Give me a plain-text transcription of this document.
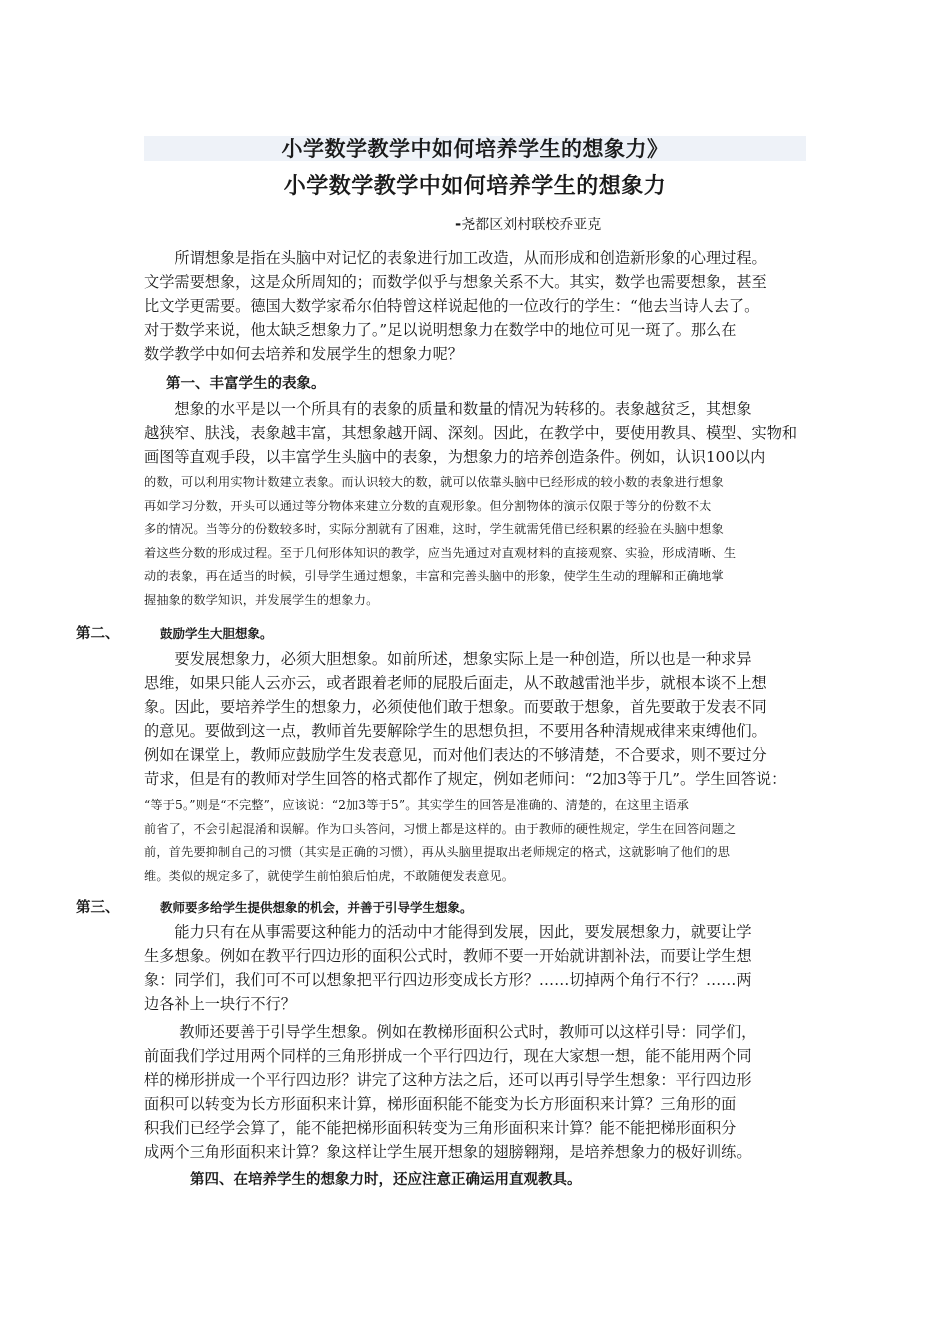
小学数学教学中如何培养学生的想象力》
小学数学教学中如何培养学生的想象力
-尧都区刘村联校乔亚克
　　所谓想象是指在头脑中对记忆的表象进行加工改造，从而形成和创造新形象的心理过程。
文学需要想象，这是众所周知的；而数学似乎与想象关系不大。其实，数学也需要想象，甚至
比文学更需要。德国大数学家希尔伯特曾这样说起他的一位改行的学生：“他去当诗人去了。
对于数学来说，他太缺乏想象力了。”足以说明想象力在数学中的地位可见一斑了。那么在
数学教学中如何去培养和发展学生的想象力呢？
第一、丰富学生的表象。
　　想象的水平是以一个所具有的表象的质量和数量的情况为转移的。表象越贫乏，其想象
越狭窄、肤浅，表象越丰富，其想象越开阔、深刻。因此，在教学中，要使用教具、模型、实物和
画图等直观手段，以丰富学生头脑中的表象，为想象力的培养创造条件。例如，认识100以内
的数，可以利用实物计数建立表象。而认识较大的数，就可以依靠头脑中已经形成的较小数的表象进行想象
再如学习分数，开头可以通过等分物体来建立分数的直观形象。但分割物体的演示仅限于等分的份数不太
多的情况。当等分的份数较多时，实际分割就有了困难，这时，学生就需凭借已经积累的经验在头脑中想象
着这些分数的形成过程。至于几何形体知识的教学，应当先通过对直观材料的直接观察、实验，形成清晰、生
动的表象，再在适当的时候，引导学生通过想象，丰富和完善头脑中的形象，使学生生动的理解和正确地掌
握抽象的数学知识，并发展学生的想象力。
第二、	鼓励学生大胆想象。
　　要发展想象力，必须大胆想象。如前所述，想象实际上是一种创造，所以也是一种求异
思维，如果只能人云亦云，或者跟着老师的屁股后面走，从不敢越雷池半步，就根本谈不上想
象。因此，要培养学生的想象力，必须使他们敢于想象。而要敢于想象，首先要敢于发表不同
的意见。要做到这一点，教师首先要解除学生的思想负担，不要用各种清规戒律来束缚他们。
例如在课堂上，教师应鼓励学生发表意见，而对他们表达的不够清楚，不合要求，则不要过分
苛求，但是有的教师对学生回答的格式都作了规定，例如老师问：“2加3等于几”。学生回答说：
“等于5。”则是“不完整”，应该说：“2加3等于5”。其实学生的回答是准确的、清楚的，在这里主语承
前省了，不会引起混淆和误解。作为口头答问，习惯上都是这样的。由于教师的硬性规定，学生在回答问题之
前，首先要抑制自己的习惯（其实是正确的习惯），再从头脑里提取出老师规定的格式，这就影响了他们的思
维。类似的规定多了，就使学生前怕狼后怕虎，不敢随便发表意见。
第三、	教师要多给学生提供想象的机会，并善于引导学生想象。
　　能力只有在从事需要这种能力的活动中才能得到发展，因此，要发展想象力，就要让学
生多想象。例如在教平行四边形的面积公式时，教师不要一开始就讲割补法，而要让学生想
象：同学们，我们可不可以想象把平行四边形变成长方形？……切掉两个角行不行？……两
边各补上一块行不行？
　　 教师还要善于引导学生想象。例如在教梯形面积公式时，教师可以这样引导：同学们，
前面我们学过用两个同样的三角形拼成一个平行四边行，现在大家想一想，能不能用两个同
样的梯形拼成一个平行四边形？讲完了这种方法之后，还可以再引导学生想象：平行四边形
面积可以转变为长方形面积来计算，梯形面积能不能变为长方形面积来计算？三角形的面
积我们已经学会算了，能不能把梯形面积转变为三角形面积来计算？能不能把梯形面积分
成两个三角形面积来计算？象这样让学生展开想象的翅膀翱翔，是培养想象力的极好训练。
第四、在培养学生的想象力时，还应注意正确运用直观教具。
